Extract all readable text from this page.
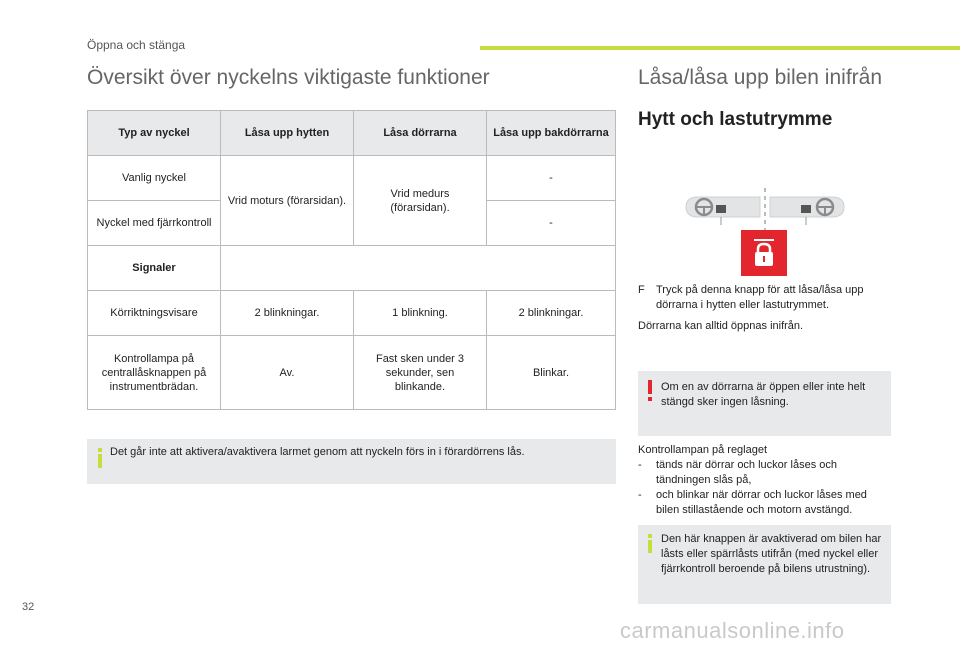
Öppna och stänga
Översikt över nyckelns viktigaste funktioner
Typ av nyckel	Låsa upp hytten	Låsa dörrarna	Låsa upp bakdörrarna
Vanlig nyckel	Vrid moturs (förarsidan).	Vrid medurs (förarsidan).	-
Nyckel med fjärrkontroll			-
Signaler			
Körriktningsvisare	2 blinkningar.	1 blinkning.	2 blinkningar.
Kontrollampa på centrallåsknappen på instrumentbrädan.	Av.	Fast sken under 3 sekunder, sen blinkande.	Blinkar.
Det går inte att aktivera/avaktivera larmet genom att nyckeln förs in i förardörrens lås.
Låsa/låsa upp bilen inifrån
Hytt och lastutrymme
F	Tryck på denna knapp för att låsa/låsa upp dörrarna i hytten eller lastutrymmet.
Dörrarna kan alltid öppnas inifrån.
Om en av dörrarna är öppen eller inte helt stängd sker ingen låsning.
Kontrollampan på reglaget
-	tänds när dörrar och luckor låses och tändningen slås på,
-	och blinkar när dörrar och luckor låses med bilen stillastående och motorn avstängd.
Den här knappen är avaktiverad om bilen har låsts eller spärrlåsts utifrån (med nyckel eller fjärrkontroll beroende på bilens utrustning).
32
carmanualsonline.info
